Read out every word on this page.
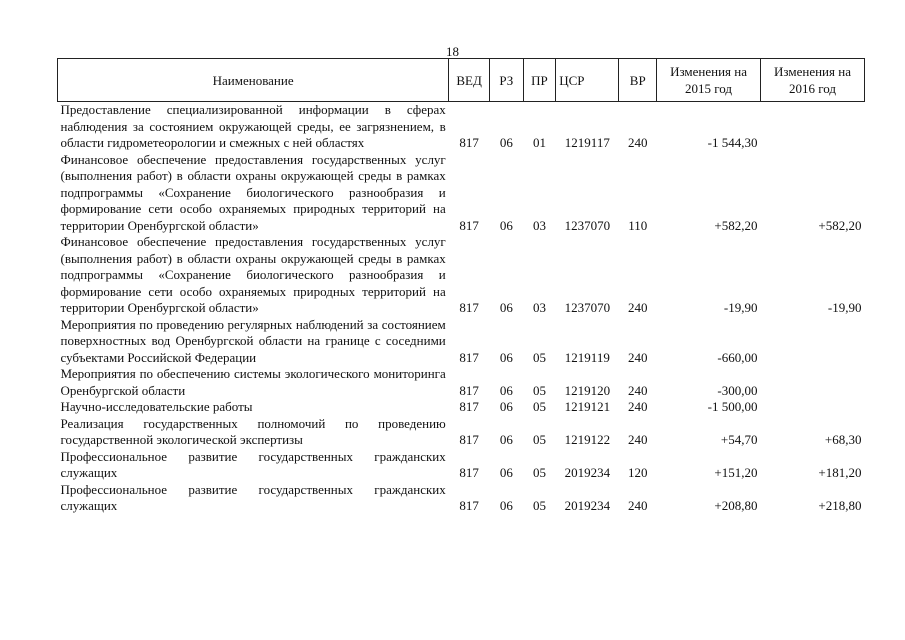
18
Наименование	ВЕД	РЗ	ПР	ЦСР	ВР	Изменения на 2015 год	Изменения на 2016 год
Предоставление специализированной информации в сферах наблюдения за состоянием окружающей среды, ее загрязнением, в области гидрометеорологии и смежных с ней областях	817	06	01	1219117	240	-1 544,30	
Финансовое обеспечение предоставления государственных услуг (выполнения работ) в области охраны окружающей среды в рамках подпрограммы «Сохранение биологического разнообразия и формирование сети особо охраняемых природных территорий на территории Оренбургской области»	817	06	03	1237070	110	+582,20	+582,20
Финансовое обеспечение предоставления государственных услуг (выполнения работ) в области охраны окружающей среды в рамках подпрограммы «Сохранение биологического разнообразия и формирование сети особо охраняемых природных территорий на территории Оренбургской области»	817	06	03	1237070	240	-19,90	-19,90
Мероприятия по проведению регулярных наблюдений за состоянием поверхностных вод Оренбургской области на границе с соседними субъектами Российской Федерации	817	06	05	1219119	240	-660,00	
Мероприятия по обеспечению системы экологического мониторинга Оренбургской области	817	06	05	1219120	240	-300,00	
Научно-исследовательские работы	817	06	05	1219121	240	-1 500,00	
Реализация государственных полномочий по проведению государственной экологической экспертизы	817	06	05	1219122	240	+54,70	+68,30
Профессиональное развитие государственных гражданских служащих	817	06	05	2019234	120	+151,20	+181,20
Профессиональное развитие государственных гражданских служащих	817	06	05	2019234	240	+208,80	+218,80
